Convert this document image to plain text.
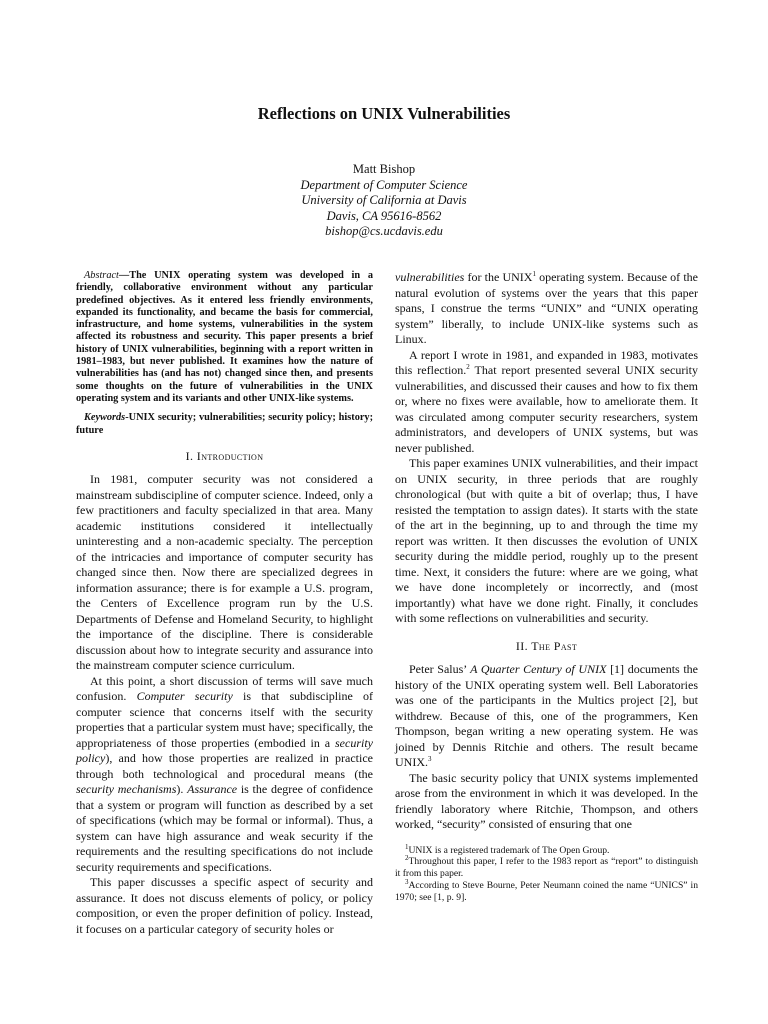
Reflections on UNIX Vulnerabilities
Matt Bishop
Department of Computer Science
University of California at Davis
Davis, CA 95616-8562
bishop@cs.ucdavis.edu

Abstract—The UNIX operating system was developed in a friendly, collaborative environment without any particular predefined objectives. As it entered less friendly environments, expanded its functionality, and became the basis for commercial, infrastructure, and home systems, vulnerabilities in the system affected its robustness and security. This paper presents a brief history of UNIX vulnerabilities, beginning with a report written in 1981–1983, but never published. It examines how the nature of vulnerabilities has (and has not) changed since then, and presents some thoughts on the future of vulnerabilities in the UNIX operating system and its variants and other UNIX-like systems.

Keywords-UNIX security; vulnerabilities; security policy; history; future

I. Introduction

In 1981, computer security was not considered a mainstream subdiscipline of computer science. Indeed, only a few practitioners and faculty specialized in that area. Many academic institutions considered it intellectually uninteresting and a non-academic specialty. The perception of the intricacies and importance of computer security has changed since then. Now there are specialized degrees in information assurance; there is for example a U.S. program, the Centers of Excellence program run by the U.S. Departments of Defense and Homeland Security, to highlight the importance of the discipline. There is considerable discussion about how to integrate security and assurance into the mainstream computer science curriculum.

At this point, a short discussion of terms will save much confusion. Computer security is that subdiscipline of computer science that concerns itself with the security properties that a particular system must have; specifically, the appropriateness of those properties (embodied in a security policy), and how those properties are realized in practice through both technological and procedural means (the security mechanisms). Assurance is the degree of confidence that a system or program will function as described by a set of specifications (which may be formal or informal). Thus, a system can have high assurance and weak security if the requirements and the resulting specifications do not include security requirements and specifications.

This paper discusses a specific aspect of security and assurance. It does not discuss elements of policy, or policy composition, or even the proper definition of policy. Instead, it focuses on a particular category of security holes or

vulnerabilities for the UNIX$^1$ operating system. Because of the natural evolution of systems over the years that this paper spans, I construe the terms “UNIX” and “UNIX operating system” liberally, to include UNIX-like systems such as Linux.

A report I wrote in 1981, and expanded in 1983, motivates this reflection.$^2$ That report presented several UNIX security vulnerabilities, and discussed their causes and how to fix them or, where no fixes were available, how to ameliorate them. It was circulated among computer security researchers, system administrators, and developers of UNIX systems, but was never published.

This paper examines UNIX vulnerabilities, and their impact on UNIX security, in three periods that are roughly chronological (but with quite a bit of overlap; thus, I have resisted the temptation to assign dates). It starts with the state of the art in the beginning, up to and through the time my report was written. It then discusses the evolution of UNIX security during the middle period, roughly up to the present time. Next, it considers the future: where are we going, what we have done incompletely or incorrectly, and (most importantly) what have we done right. Finally, it concludes with some reflections on vulnerabilities and security.

II. The Past

Peter Salus’ A Quarter Century of UNIX [1] documents the history of the UNIX operating system well. Bell Laboratories was one of the participants in the Multics project [2], but withdrew. Because of this, one of the programmers, Ken Thompson, began writing a new operating system. He was joined by Dennis Ritchie and others. The result became UNIX.$^3$

The basic security policy that UNIX systems implemented arose from the environment in which it was developed. In the friendly laboratory where Ritchie, Thompson, and others worked, “security” consisted of ensuring that one

$^1$UNIX is a registered trademark of The Open Group.

$^2$Throughout this paper, I refer to the 1983 report as “report” to distinguish it from this paper.

$^3$According to Steve Bourne, Peter Neumann coined the name “UNICS” in 1970; see [1, p. 9].
